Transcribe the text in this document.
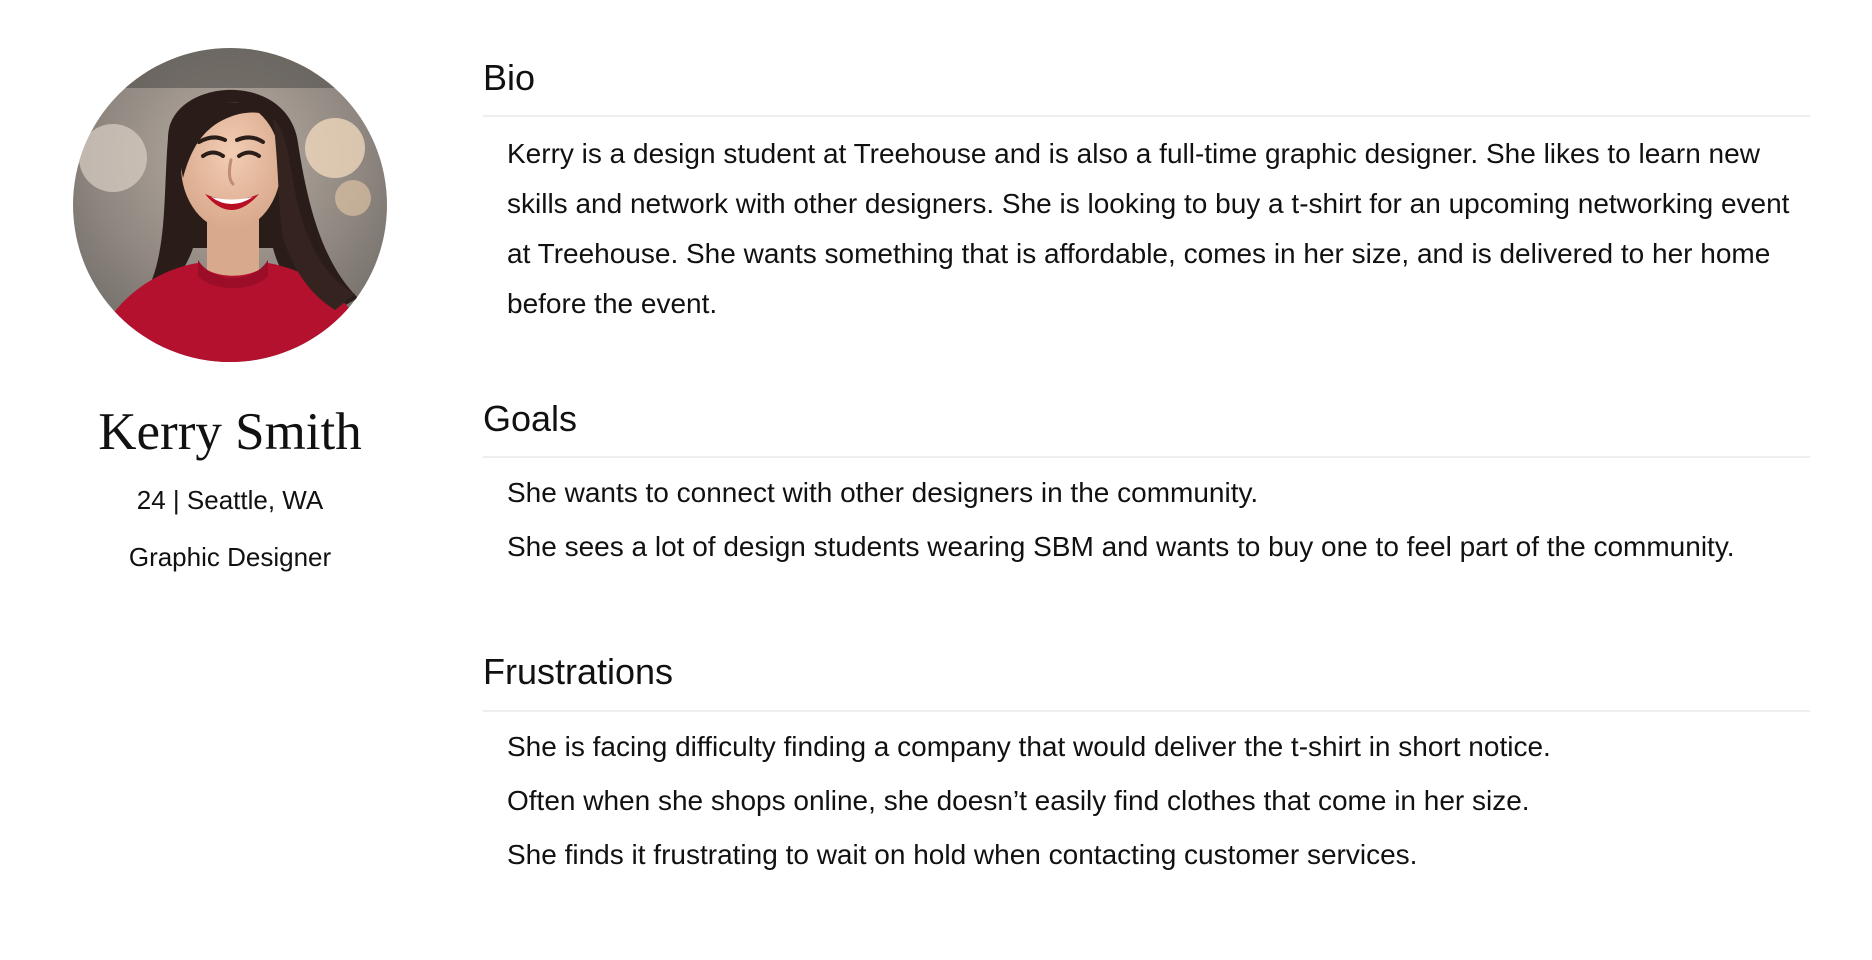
Kerry Smith
24 | Seattle, WA
Graphic Designer
Bio

Kerry is a design student at Treehouse and is also a full-time graphic designer. She likes to learn new skills and network with other designers. She is looking to buy a t-shirt for an upcoming networking event at Treehouse. She wants something that is affordable, comes in her size, and is delivered to her home before the event.

Goals
She wants to connect with other designers in the community.
She sees a lot of design students wearing SBM and wants to buy one to feel part of the community.
Frustrations
She is facing difficulty finding a company that would deliver the t-shirt in short notice.
Often when she shops online, she doesn’t easily find clothes that come in her size.
She finds it frustrating to wait on hold when contacting customer services.
